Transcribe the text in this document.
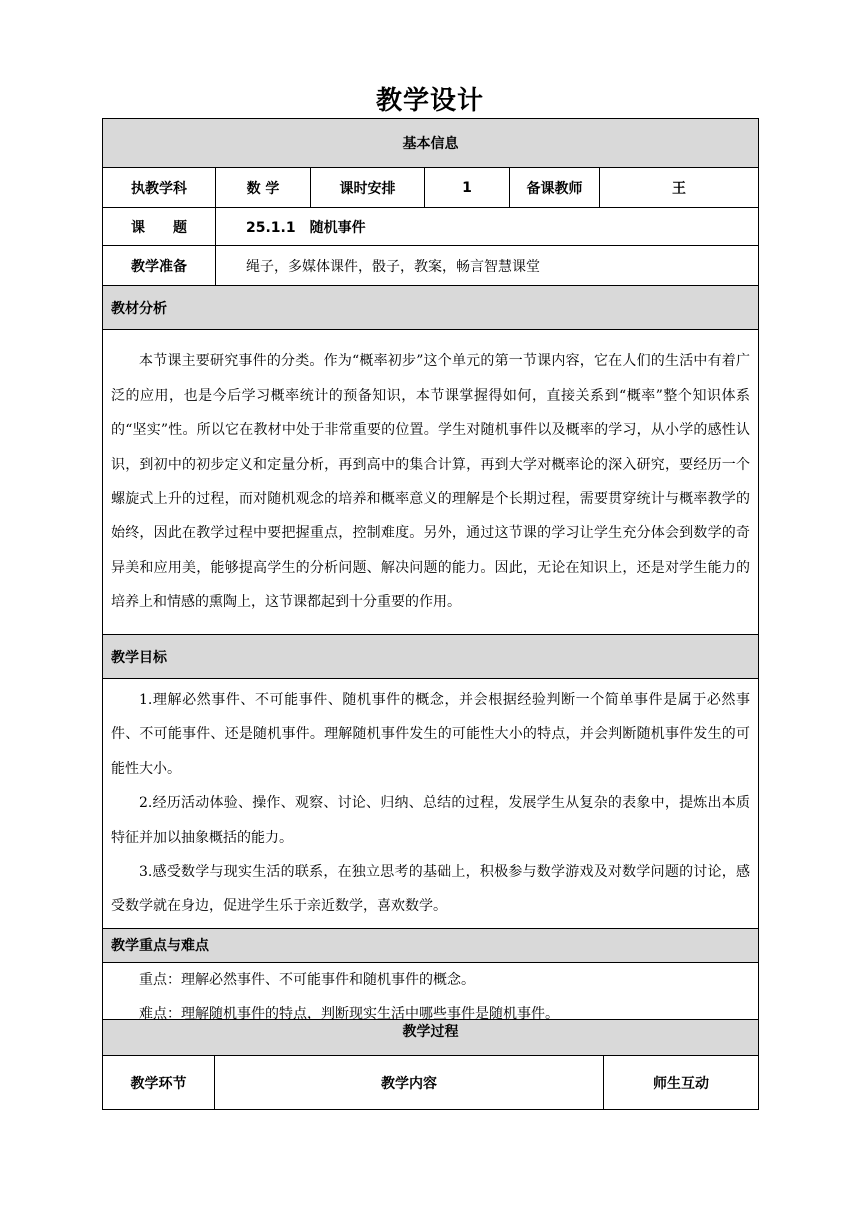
教学设计
基本信息					
执教学科	数 学	课时安排	1	备课教师	王
课　　题	25.1.1　随机事件				
教学准备	绳子，多媒体课件，骰子，教案，畅言智慧课堂				
教材分析					

本节课主要研究事件的分类。作为“概率初步”这个单元的第一节课内容，它在人们的生活中有着广泛的应用，也是今后学习概率统计的预备知识，本节课掌握得如何，直接关系到“概率”整个知识体系的“坚实”性。所以它在教材中处于非常重要的位置。学生对随机事件以及概率的学习，从小学的感性认识，到初中的初步定义和定量分析，再到高中的集合计算，再到大学对概率论的深入研究，要经历一个螺旋式上升的过程，而对随机观念的培养和概率意义的理解是个长期过程，需要贯穿统计与概率教学的始终，因此在教学过程中要把握重点，控制难度。另外，通过这节课的学习让学生充分体会到数学的奇异美和应用美，能够提高学生的分析问题、解决问题的能力。因此，无论在知识上，还是对学生能力的培养上和情感的熏陶上，这节课都起到十分重要的作用。					

教学目标					

1.理解必然事件、不可能事件、随机事件的概念，并会根据经验判断一个简单事件是属于必然事件、不可能事件、还是随机事件。理解随机事件发生的可能性大小的特点，并会判断随机事件发生的可能性大小。

2.经历活动体验、操作、观察、讨论、归纳、总结的过程，发展学生从复杂的表象中，提炼出本质特征并加以抽象概括的能力。

3.感受数学与现实生活的联系，在独立思考的基础上，积极参与数学游戏及对数学问题的讨论，感受数学就在身边，促进学生乐于亲近数学，喜欢数学。					

教学重点与难点					

重点：理解必然事件、不可能事件和随机事件的概念。

难点：理解随机事件的特点，判断现实生活中哪些事件是随机事件。					

教学过程
教学环节	教学内容	师生互动
